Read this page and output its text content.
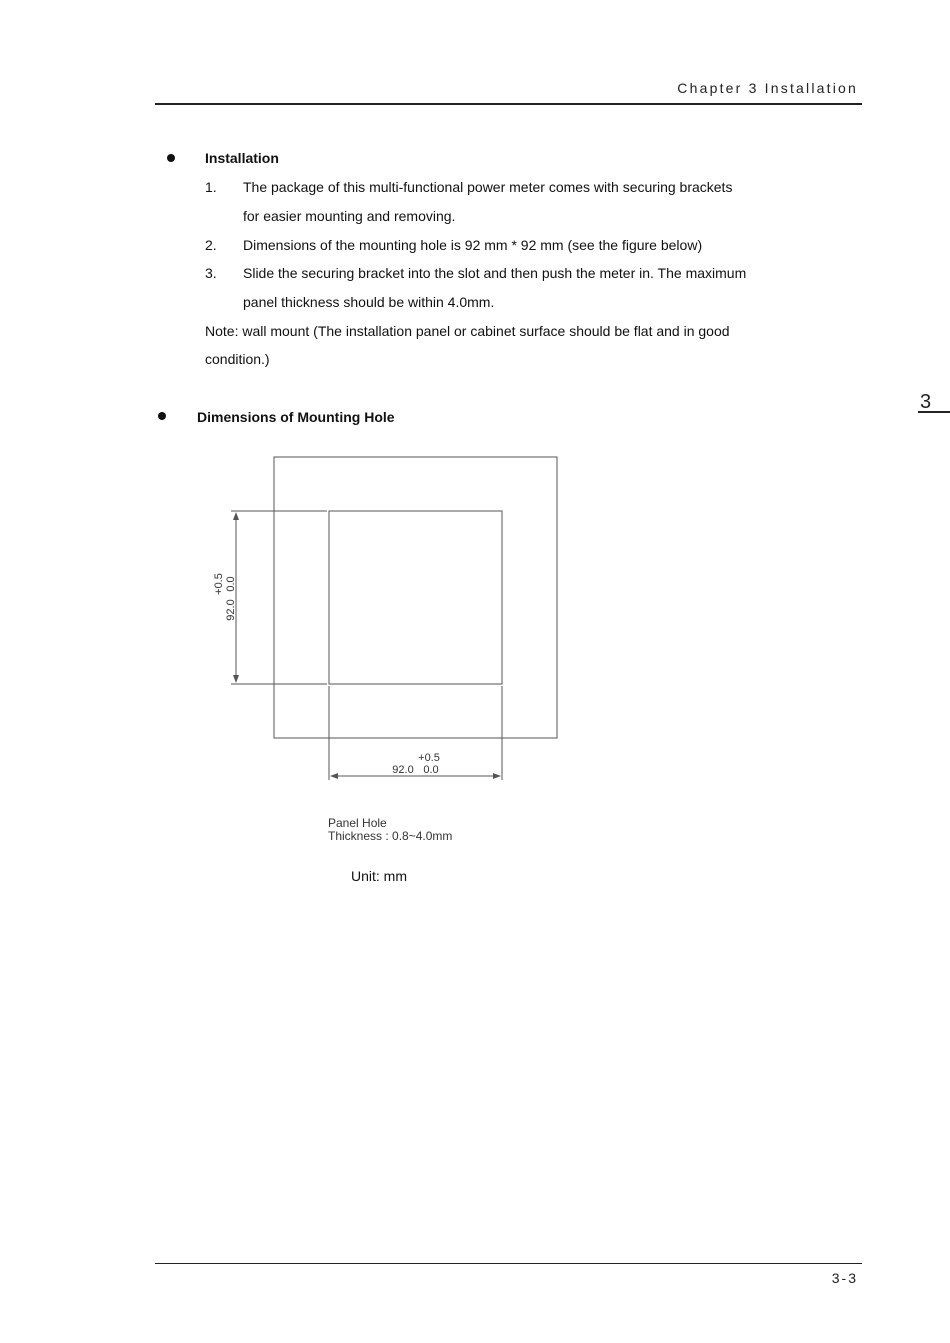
Chapter 3 Installation
3
Installation
1. The package of this multi-functional power meter comes with securing brackets
for easier mounting and removing.
2. Dimensions of the mounting hole is 92 mm * 92 mm (see the figure below)
3. Slide the securing bracket into the slot and then push the meter in. The maximum
panel thickness should be within 4.0mm.
Note: wall mount (The installation panel or cabinet surface should be flat and in good
condition.)
Dimensions of Mounting Hole
92.0
+0.5 0.0
+0.5
92.0 0.0
Panel Hole
Thickness : 0.8~4.0mm
Unit: mm
3-3
